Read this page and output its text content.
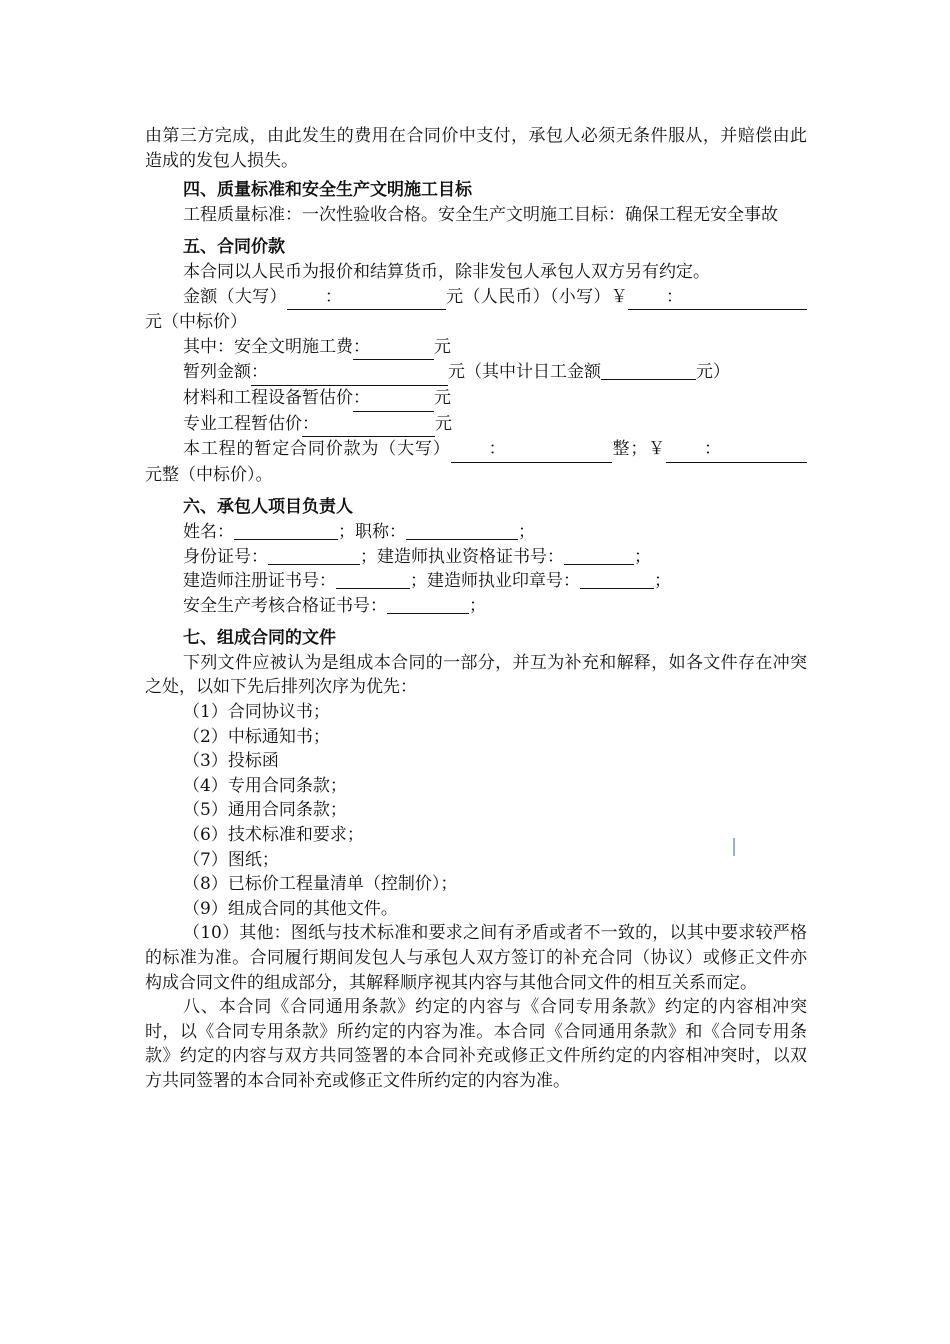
由第三方完成，由此发生的费用在合同价中支付，承包人必须无条件服从，并赔偿由此造成的发包人损失。

四、质量标准和安全生产文明施工目标

工程质量标准：一次性验收合格。安全生产文明施工目标：确保工程无安全事故

五、合同价款

本合同以人民币为报价和结算货币，除非发包人承包人双方另有约定。

金额（大写） ：	元（人民币）（小写）￥ ：元（中标价）

其中：安全文明施工费：	元

暂列金额：	元（其中计日工金额	元）

材料和工程设备暂估价：	元

专业工程暂估价：	元

本工程的暂定合同价款为（大写） ：	整；￥ ：元整（中标价）。

六、承包人项目负责人

姓名：	；职称：	；

身份证号：	；建造师执业资格证书号：	；

建造师注册证书号：	；建造师执业印章号：	；

安全生产考核合格证书号：	；

七、组成合同的文件

下列文件应被认为是组成本合同的一部分，并互为补充和解释，如各文件存在冲突之处，以如下先后排列次序为优先：

（1）合同协议书；

（2）中标通知书；

（3）投标函

（4）专用合同条款；

（5）通用合同条款；

（6）技术标准和要求；

（7）图纸；

（8）已标价工程量清单（控制价）；

（9）组成合同的其他文件。

（10）其他：图纸与技术标准和要求之间有矛盾或者不一致的，以其中要求较严格的标准为准。合同履行期间发包人与承包人双方签订的补充合同（协议）或修正文件亦构成合同文件的组成部分，其解释顺序视其内容与其他合同文件的相互关系而定。

八、本合同《合同通用条款》约定的内容与《合同专用条款》约定的内容相冲突时，以《合同专用条款》所约定的内容为准。本合同《合同通用条款》和《合同专用条款》约定的内容与双方共同签署的本合同补充或修正文件所约定的内容相冲突时，以双方共同签署的本合同补充或修正文件所约定的内容为准。
